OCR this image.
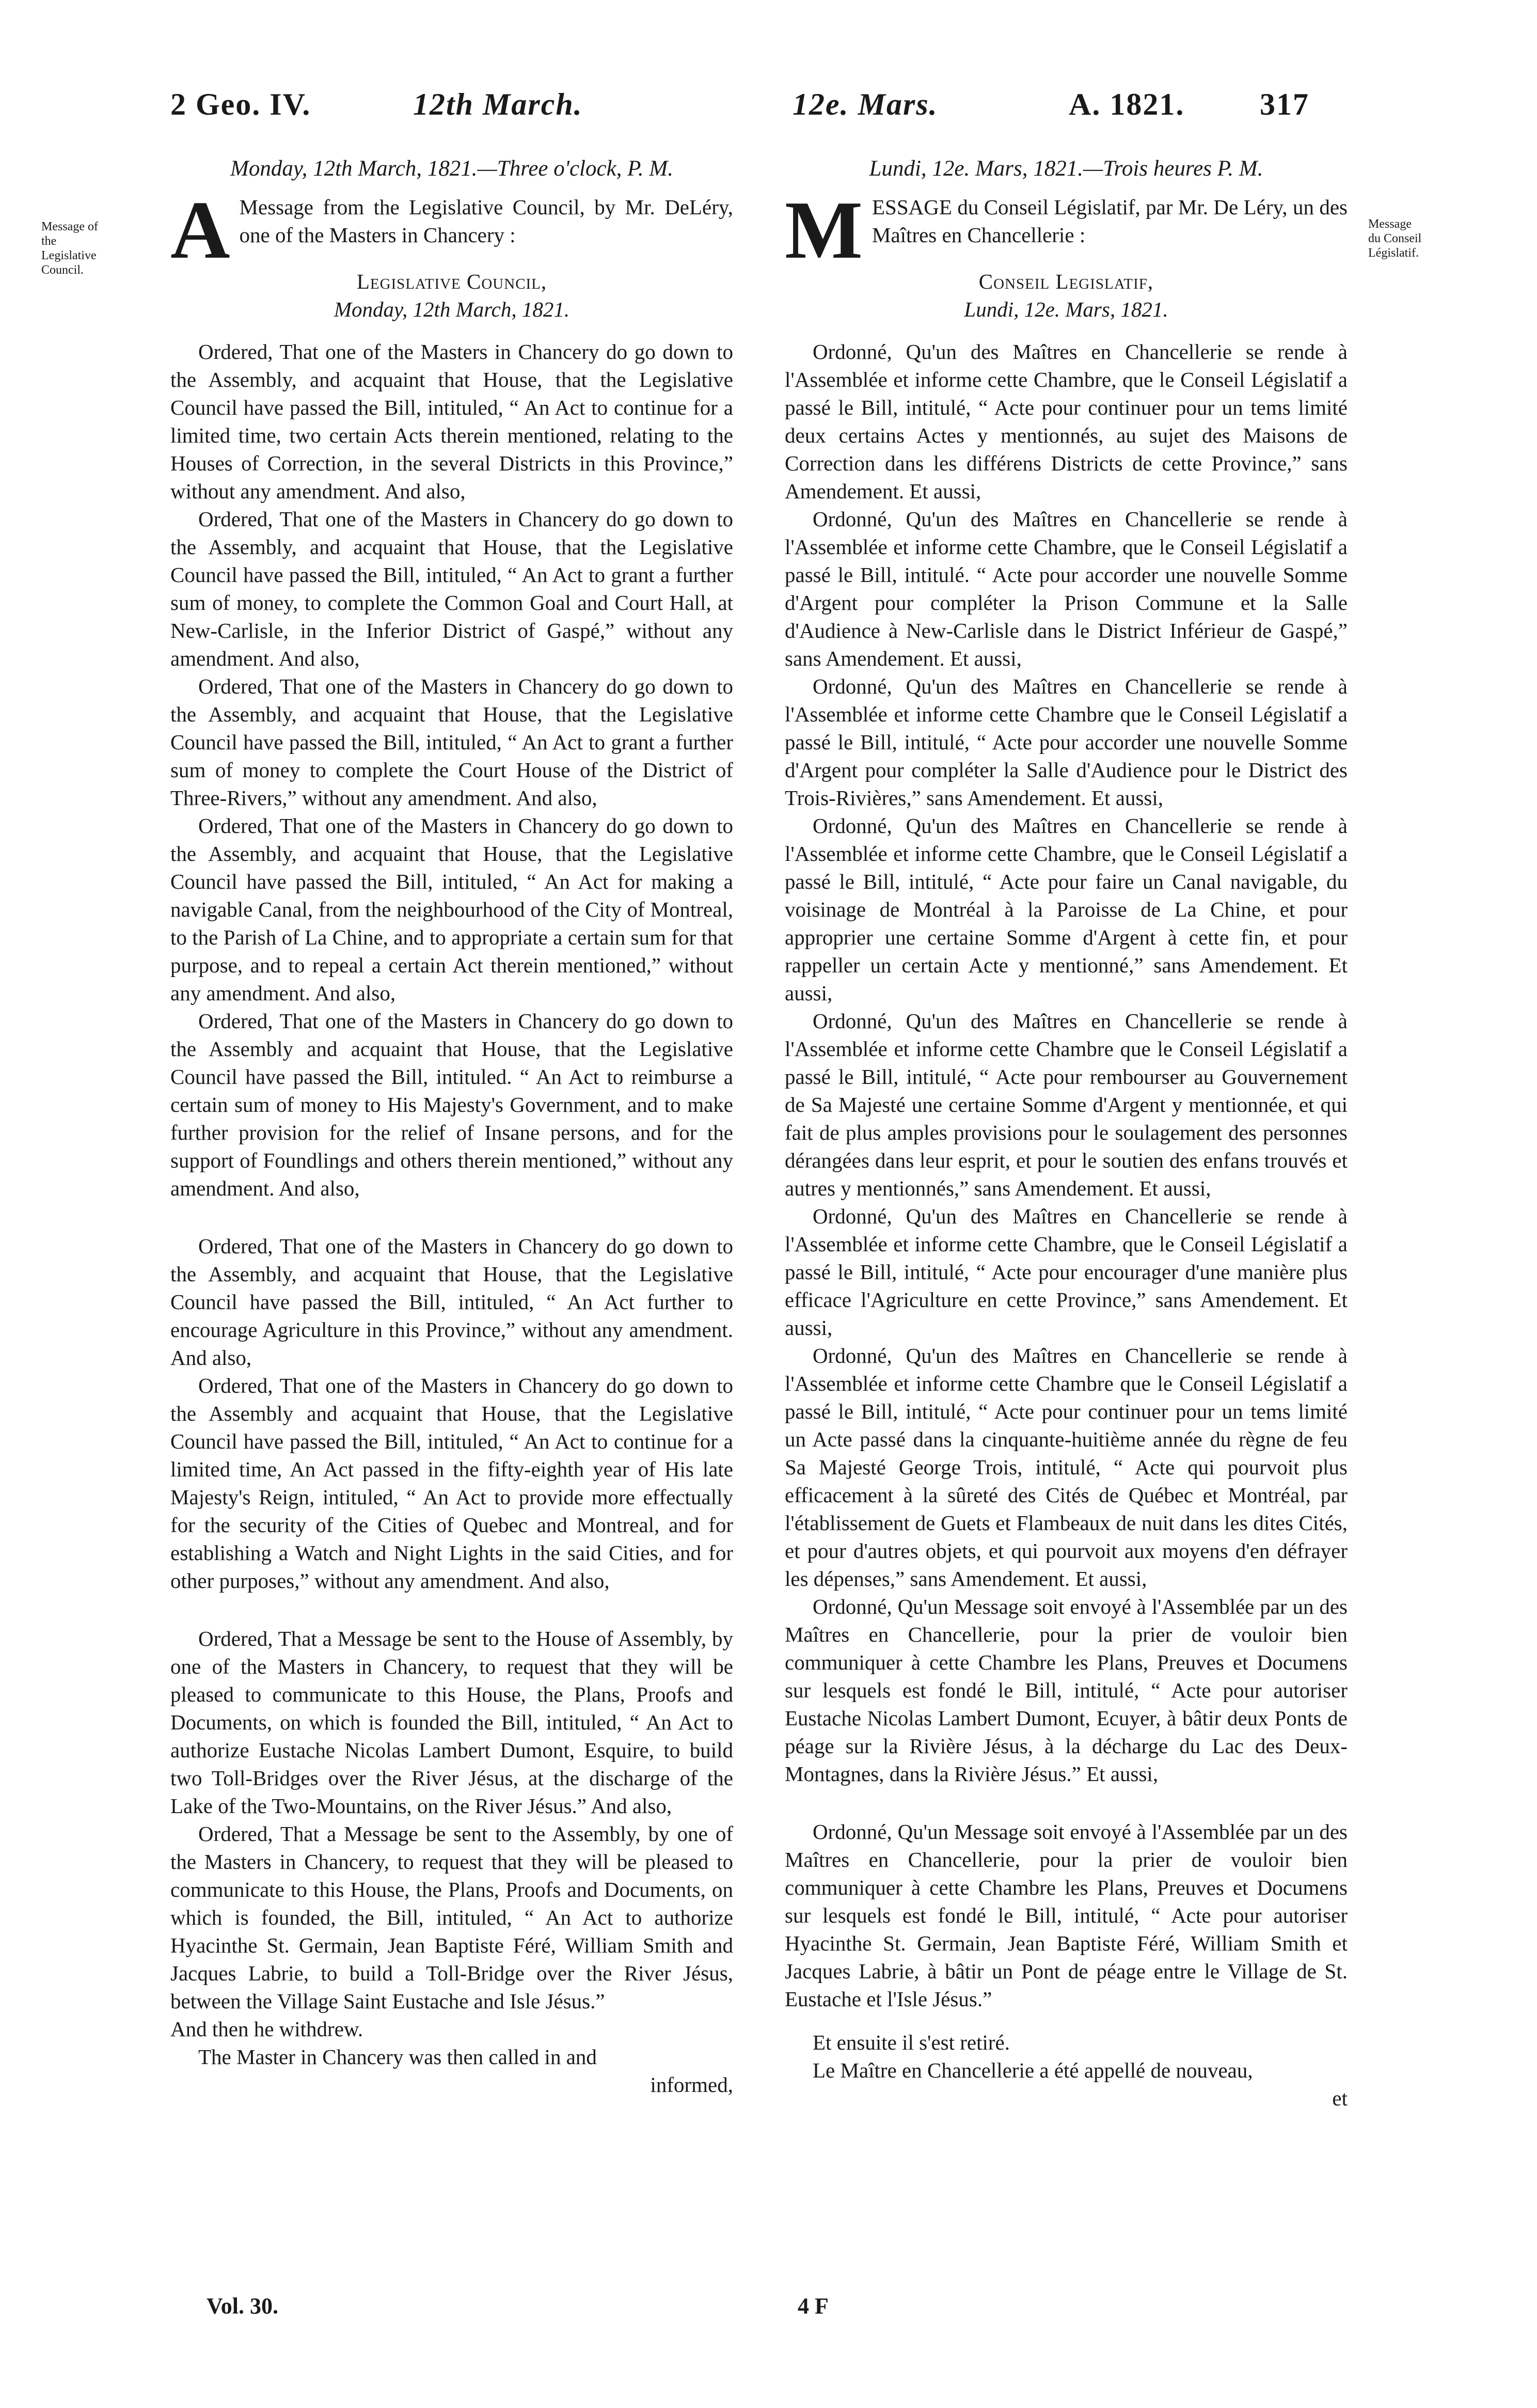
2 Geo. IV.	12th March.	12e. Mars.	A. 1821. 317
Message of the Legislative Council.
Message du Conseil Législatif.

Monday, 12th March, 1821.—Three o'clock, P. M.

A Message from the Legislative Council, by Mr. DeLéry, one of the Masters in Chancery :

Legislative Council,

Monday, 12th March, 1821.

Ordered, That one of the Masters in Chancery do go down to the Assembly, and acquaint that House, that the Legislative Council have passed the Bill, intituled, “ An Act to continue for a limited time, two certain Acts therein mentioned, relating to the Houses of Correction, in the several Districts in this Province,” without any amendment. And also,

Ordered, That one of the Masters in Chancery do go down to the Assembly, and acquaint that House, that the Legislative Council have passed the Bill, intituled, “ An Act to grant a further sum of money, to complete the Common Goal and Court Hall, at New-Carlisle, in the Inferior District of Gaspé,” without any amendment. And also,

Ordered, That one of the Masters in Chancery do go down to the Assembly, and acquaint that House, that the Legislative Council have passed the Bill, intituled, “ An Act to grant a further sum of money to complete the Court House of the District of Three-Rivers,” without any amendment. And also,

Ordered, That one of the Masters in Chancery do go down to the Assembly, and acquaint that House, that the Legislative Council have passed the Bill, intituled, “ An Act for making a navigable Canal, from the neighbourhood of the City of Montreal, to the Parish of La Chine, and to appropriate a certain sum for that purpose, and to repeal a certain Act therein mentioned,” without any amendment. And also,

Ordered, That one of the Masters in Chancery do go down to the Assembly and acquaint that House, that the Legislative Council have passed the Bill, intituled. “ An Act to reimburse a certain sum of money to His Majesty's Government, and to make further provision for the relief of Insane persons, and for the support of Foundlings and others therein mentioned,” without any amendment. And also,

Ordered, That one of the Masters in Chancery do go down to the Assembly, and acquaint that House, that the Legislative Council have passed the Bill, intituled, “ An Act further to encourage Agriculture in this Province,” without any amendment. And also,

Ordered, That one of the Masters in Chancery do go down to the Assembly and acquaint that House, that the Legislative Council have passed the Bill, intituled, “ An Act to continue for a limited time, An Act passed in the fifty-eighth year of His late Majesty's Reign, intituled, “ An Act to provide more effectually for the security of the Cities of Quebec and Montreal, and for establishing a Watch and Night Lights in the said Cities, and for other purposes,” without any amendment. And also,

Ordered, That a Message be sent to the House of Assembly, by one of the Masters in Chancery, to request that they will be pleased to communicate to this House, the Plans, Proofs and Documents, on which is founded the Bill, intituled, “ An Act to authorize Eustache Nicolas Lambert Dumont, Esquire, to build two Toll-Bridges over the River Jésus, at the discharge of the Lake of the Two-Mountains, on the River Jésus.” And also,

Ordered, That a Message be sent to the Assembly, by one of the Masters in Chancery, to request that they will be pleased to communicate to this House, the Plans, Proofs and Documents, on which is founded, the Bill, intituled, “ An Act to authorize Hyacinthe St. Germain, Jean Baptiste Féré, William Smith and Jacques Labrie, to build a Toll-Bridge over the River Jésus, between the Village Saint Eustache and Isle Jésus.”

And then he withdrew.

The Master in Chancery was then called in and

informed,

Lundi, 12e. Mars, 1821.—Trois heures P. M.

M ESSAGE du Conseil Législatif, par Mr. De Léry, un des Maîtres en Chancellerie :

Conseil Legislatif,

Lundi, 12e. Mars, 1821.

Ordonné, Qu'un des Maîtres en Chancellerie se rende à l'Assemblée et informe cette Chambre, que le Conseil Législatif a passé le Bill, intitulé, “ Acte pour continuer pour un tems limité deux certains Actes y mentionnés, au sujet des Maisons de Correction dans les différens Districts de cette Province,” sans Amendement. Et aussi,

Ordonné, Qu'un des Maîtres en Chancellerie se rende à l'Assemblée et informe cette Chambre, que le Conseil Législatif a passé le Bill, intitulé. “ Acte pour accorder une nouvelle Somme d'Argent pour compléter la Prison Commune et la Salle d'Audience à New-Carlisle dans le District Inférieur de Gaspé,” sans Amendement. Et aussi,

Ordonné, Qu'un des Maîtres en Chancellerie se rende à l'Assemblée et informe cette Chambre que le Conseil Législatif a passé le Bill, intitulé, “ Acte pour accorder une nouvelle Somme d'Argent pour compléter la Salle d'Audience pour le District des Trois-Rivières,” sans Amendement. Et aussi,

Ordonné, Qu'un des Maîtres en Chancellerie se rende à l'Assemblée et informe cette Chambre, que le Conseil Législatif a passé le Bill, intitulé, “ Acte pour faire un Canal navigable, du voisinage de Montréal à la Paroisse de La Chine, et pour approprier une certaine Somme d'Argent à cette fin, et pour rappeller un certain Acte y mentionné,” sans Amendement. Et aussi,

Ordonné, Qu'un des Maîtres en Chancellerie se rende à l'Assemblée et informe cette Chambre que le Conseil Législatif a passé le Bill, intitulé, “ Acte pour rembourser au Gouvernement de Sa Majesté une certaine Somme d'Argent y mentionnée, et qui fait de plus amples provisions pour le soulagement des personnes dérangées dans leur esprit, et pour le soutien des enfans trouvés et autres y mentionnés,” sans Amendement. Et aussi,

Ordonné, Qu'un des Maîtres en Chancellerie se rende à l'Assemblée et informe cette Chambre, que le Conseil Législatif a passé le Bill, intitulé, “ Acte pour encourager d'une manière plus efficace l'Agriculture en cette Province,” sans Amendement. Et aussi,

Ordonné, Qu'un des Maîtres en Chancellerie se rende à l'Assemblée et informe cette Chambre que le Conseil Législatif a passé le Bill, intitulé, “ Acte pour continuer pour un tems limité un Acte passé dans la cinquante-huitième année du règne de feu Sa Majesté George Trois, intitulé, “ Acte qui pourvoit plus efficacement à la sûreté des Cités de Québec et Montréal, par l'établissement de Guets et Flambeaux de nuit dans les dites Cités, et pour d'autres objets, et qui pourvoit aux moyens d'en défrayer les dépenses,” sans Amendement. Et aussi,

Ordonné, Qu'un Message soit envoyé à l'Assemblée par un des Maîtres en Chancellerie, pour la prier de vouloir bien communiquer à cette Chambre les Plans, Preuves et Documens sur lesquels est fondé le Bill, intitulé, “ Acte pour autoriser Eustache Nicolas Lambert Dumont, Ecuyer, à bâtir deux Ponts de péage sur la Rivière Jésus, à la décharge du Lac des Deux-Montagnes, dans la Rivière Jésus.” Et aussi,

Ordonné, Qu'un Message soit envoyé à l'Assemblée par un des Maîtres en Chancellerie, pour la prier de vouloir bien communiquer à cette Chambre les Plans, Preuves et Documens sur lesquels est fondé le Bill, intitulé, “ Acte pour autoriser Hyacinthe St. Germain, Jean Baptiste Féré, William Smith et Jacques Labrie, à bâtir un Pont de péage entre le Village de St. Eustache et l'Isle Jésus.”

Et ensuite il s'est retiré.

Le Maître en Chancellerie a été appellé de nouveau,

et

Vol. 30.	4 F
